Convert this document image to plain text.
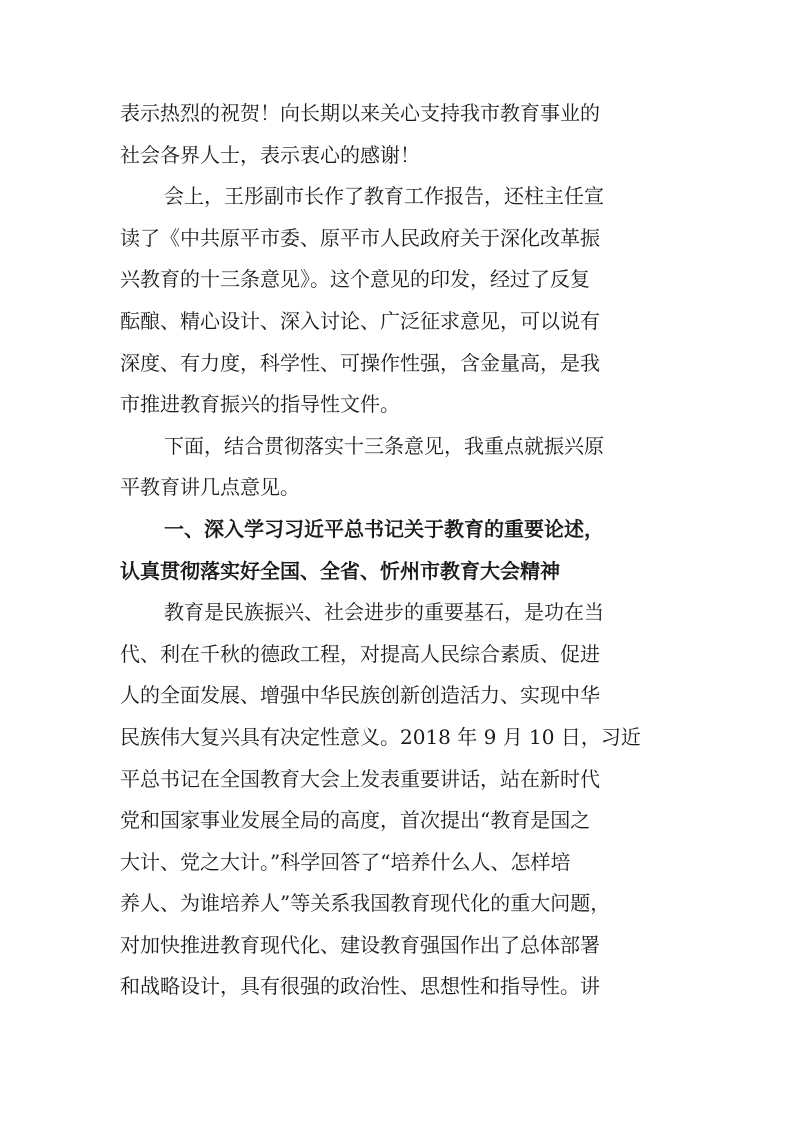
表示热烈的祝贺！向长期以来关心支持我市教育事业的
社会各界人士，表示衷心的感谢！
会上，王彤副市长作了教育工作报告，还柱主任宣
读了《中共原平市委、原平市人民政府关于深化改革振
兴教育的十三条意见》。这个意见的印发，经过了反复
酝酿、精心设计、深入讨论、广泛征求意见，可以说有
深度、有力度，科学性、可操作性强，含金量高，是我
市推进教育振兴的指导性文件。
下面，结合贯彻落实十三条意见，我重点就振兴原
平教育讲几点意见。
一、深入学习习近平总书记关于教育的重要论述，
认真贯彻落实好全国、全省、忻州市教育大会精神
教育是民族振兴、社会进步的重要基石，是功在当
代、利在千秋的德政工程，对提高人民综合素质、促进
人的全面发展、增强中华民族创新创造活力、实现中华
民族伟大复兴具有决定性意义。2018 年 9 月 10 日，习近
平总书记在全国教育大会上发表重要讲话，站在新时代
党和国家事业发展全局的高度，首次提出“教育是国之
大计、党之大计。”科学回答了“培养什么人、怎样培
养人、为谁培养人”等关系我国教育现代化的重大问题，
对加快推进教育现代化、建设教育强国作出了总体部署
和战略设计，具有很强的政治性、思想性和指导性。讲
